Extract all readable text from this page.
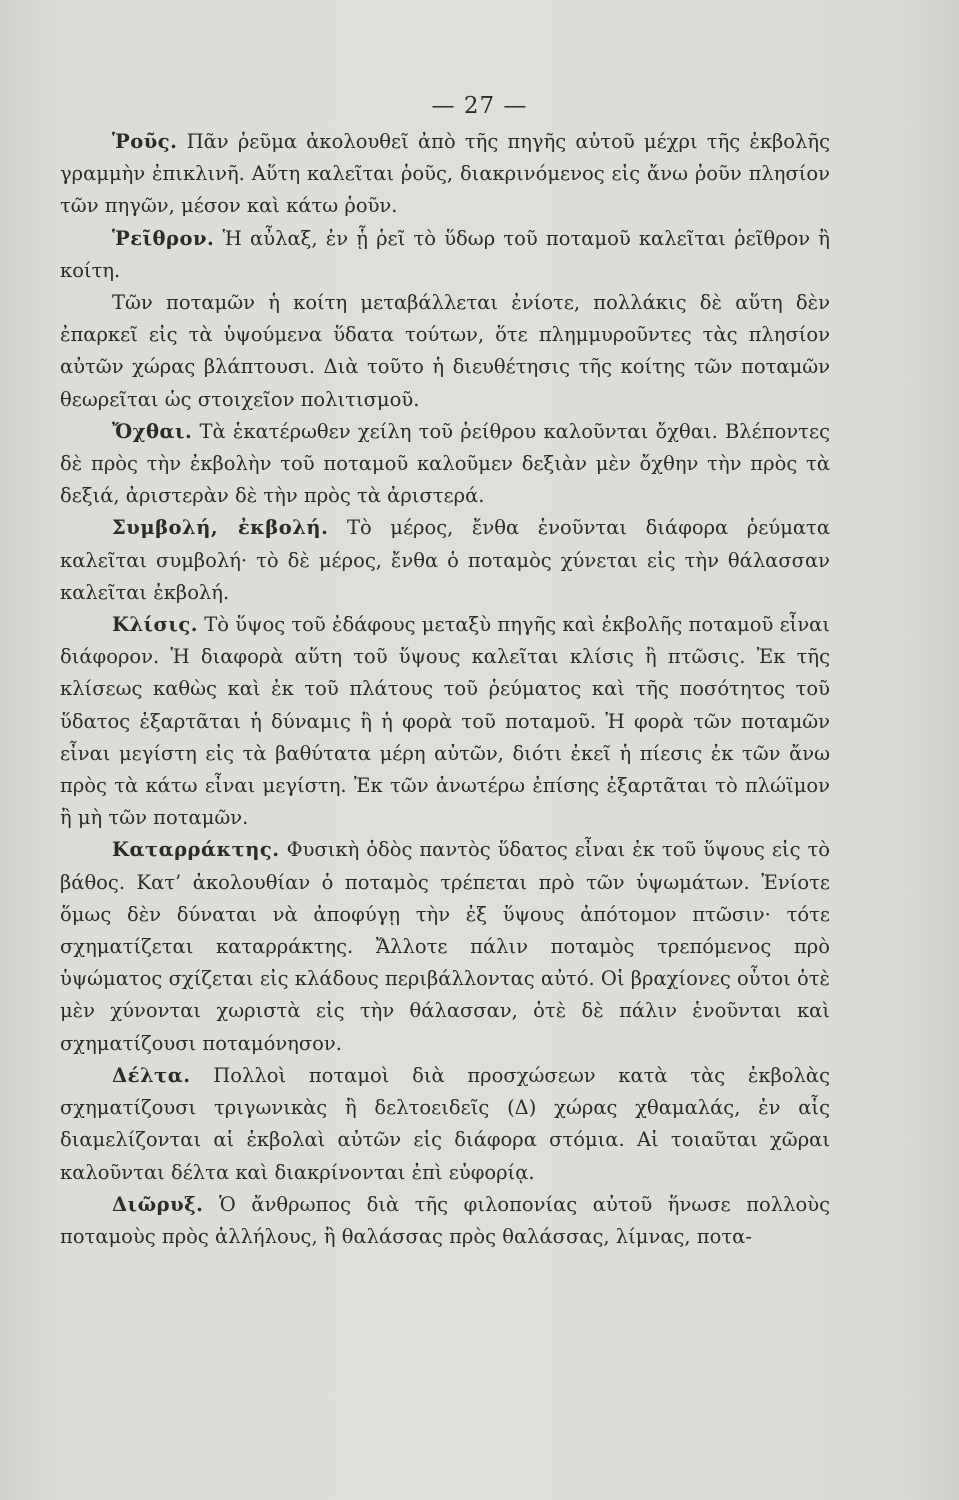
— 27 —

Ῥοῦς. Πᾶν ῥεῦμα ἀκολουθεῖ ἀπὸ τῆς πηγῆς αὐτοῦ μέχρι τῆς ἐκβολῆς γραμμὴν ἐπικλινῆ. Αὕτη καλεῖται ῥοῦς, διακρινόμενος εἰς ἄνω ῥοῦν πλησίον τῶν πηγῶν, μέσον καὶ κάτω ῥοῦν.

Ῥεῖθρον. Ἡ αὖλαξ, ἐν ᾗ ῥεῖ τὸ ὕδωρ τοῦ ποταμοῦ καλεῖται ῥεῖθρον ἢ κοίτη.

Τῶν ποταμῶν ἡ κοίτη μεταβάλλεται ἐνίοτε, πολλάκις δὲ αὕτη δὲν ἐπαρκεῖ εἰς τὰ ὑψούμενα ὕδατα τούτων, ὅτε πλημμυροῦντες τὰς πλησίον αὐτῶν χώρας βλάπτουσι. Διὰ τοῦτο ἡ διευθέτησις τῆς κοίτης τῶν ποταμῶν θεωρεῖται ὡς στοιχεῖον πολιτισμοῦ.

Ὄχθαι. Τὰ ἑκατέρωθεν χείλη τοῦ ῥείθρου καλοῦνται ὄχθαι. Βλέποντες δὲ πρὸς τὴν ἐκβολὴν τοῦ ποταμοῦ καλοῦμεν δεξιὰν μὲν ὄχθην τὴν πρὸς τὰ δεξιά, ἀριστερὰν δὲ τὴν πρὸς τὰ ἀριστερά.

Συμβολή, ἐκβολή. Τὸ μέρος, ἔνθα ἑνοῦνται διάφορα ῥεύματα καλεῖται συμβολή· τὸ δὲ μέρος, ἔνθα ὁ ποταμὸς χύνεται εἰς τὴν θάλασσαν καλεῖται ἐκβολή.

Κλίσις. Τὸ ὕψος τοῦ ἐδάφους μεταξὺ πηγῆς καὶ ἐκβολῆς ποταμοῦ εἶναι διάφορον. Ἡ διαφορὰ αὕτη τοῦ ὕψους καλεῖται κλίσις ἢ πτῶσις. Ἐκ τῆς κλίσεως καθὼς καὶ ἐκ τοῦ πλάτους τοῦ ῥεύματος καὶ τῆς ποσότητος τοῦ ὕδατος ἐξαρτᾶται ἡ δύναμις ἢ ἡ φορὰ τοῦ ποταμοῦ. Ἡ φορὰ τῶν ποταμῶν εἶναι μεγίστη εἰς τὰ βαθύτατα μέρη αὐτῶν, διότι ἐκεῖ ἡ πίεσις ἐκ τῶν ἄνω πρὸς τὰ κάτω εἶναι μεγίστη. Ἐκ τῶν ἀνωτέρω ἐπίσης ἐξαρτᾶται τὸ πλώϊμον ἢ μὴ τῶν ποταμῶν.

Καταρράκτης. Φυσικὴ ὁδὸς παντὸς ὕδατος εἶναι ἐκ τοῦ ὕψους εἰς τὸ βάθος. Κατ’ ἀκολουθίαν ὁ ποταμὸς τρέπεται πρὸ τῶν ὑψωμάτων. Ἐνίοτε ὅμως δὲν δύναται νὰ ἀποφύγῃ τὴν ἐξ ὕψους ἀπότομον πτῶσιν· τότε σχηματίζεται καταρράκτης. Ἄλλοτε πάλιν ποταμὸς τρεπόμενος πρὸ ὑψώματος σχίζεται εἰς κλάδους περιβάλλοντας αὐτό. Οἱ βραχίονες οὗτοι ὁτὲ μὲν χύνονται χωριστὰ εἰς τὴν θάλασσαν, ὁτὲ δὲ πάλιν ἑνοῦνται καὶ σχηματίζουσι ποταμόνησον.

Δέλτα. Πολλοὶ ποταμοὶ διὰ προσχώσεων κατὰ τὰς ἐκβολὰς σχηματίζουσι τριγωνικὰς ἢ δελτοειδεῖς (Δ) χώρας χθαμαλάς, ἐν αἷς διαμελίζονται αἱ ἐκβολαὶ αὐτῶν εἰς διάφορα στόμια. Αἱ τοιαῦται χῶραι καλοῦνται δέλτα καὶ διακρίνονται ἐπὶ εὐφορίᾳ.

Διῶρυξ. Ὁ ἄνθρωπος διὰ τῆς φιλοπονίας αὐτοῦ ἥνωσε πολλοὺς ποταμοὺς πρὸς ἀλλήλους, ἢ θαλάσσας πρὸς θαλάσσας, λίμνας, ποτα-
